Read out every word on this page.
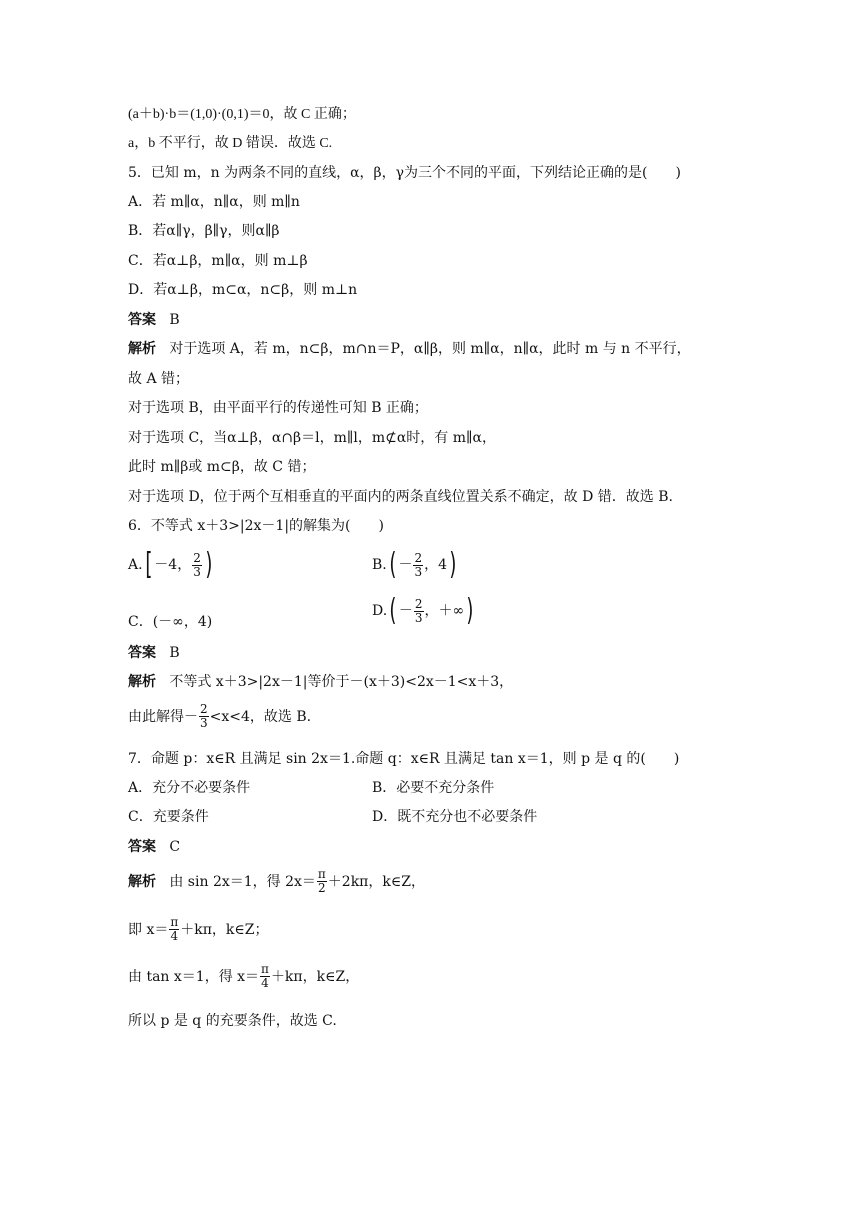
(a＋b)·b＝(1,0)·(0,1)＝0，故 C 正确；
a，b 不平行，故 D 错误．故选 C.
5．已知 m，n 为两条不同的直线，α，β，γ为三个不同的平面，下列结论正确的是(　　)
A．若 m∥α，n∥α，则 m∥n
B．若α∥γ，β∥γ，则α∥β
C．若α⊥β，m∥α，则 m⊥β
D．若α⊥β，m⊂α，n⊂β，则 m⊥n
答案 B
解析 对于选项 A，若 m，n⊂β，m∩n＝P，α∥β，则 m∥α，n∥α，此时 m 与 n 不平行，
故 A 错；
对于选项 B，由平面平行的传递性可知 B 正确；
对于选项 C，当α⊥β，α∩β＝l，m∥l，m⊄α时，有 m∥α，
此时 m∥β或 m⊂β，故 C 错；
对于选项 D，位于两个互相垂直的平面内的两条直线位置关系不确定，故 D 错．故选 B.
6．不等式 x＋3>|2x－1|的解集为(　　)
A. [ －4， $\frac{2}{3}$ )	B. ( － $\frac{2}{3}$ ，4 )
C．(－∞，4)
D. ( － $\frac{2}{3}$ ，＋∞ )
答案 B
解析 不等式 x＋3>|2x－1|等价于－(x＋3)<2x－1<x＋3，
由此解得－ $\frac{2}{3} <x<4$，故选 B.
7．命题 p：x∈R 且满足 sin 2x＝1.命题 q：x∈R 且满足 tan x＝1，则 p 是 q 的(　　)
A．充分不必要条件	B．必要不充分条件
C．充要条件	D．既不充分也不必要条件
答案 C
解析
由 sin 2x＝1，得 $2x= \frac{\pi}{2} +2k\pi$，k∈Z，
即 $x= \frac{\pi}{4} +k\pi$，k∈Z；
由 tan x＝1，得 $x= \frac{\pi}{4} +k\pi$，k∈Z，
所以 p 是 q 的充要条件，故选 C.
